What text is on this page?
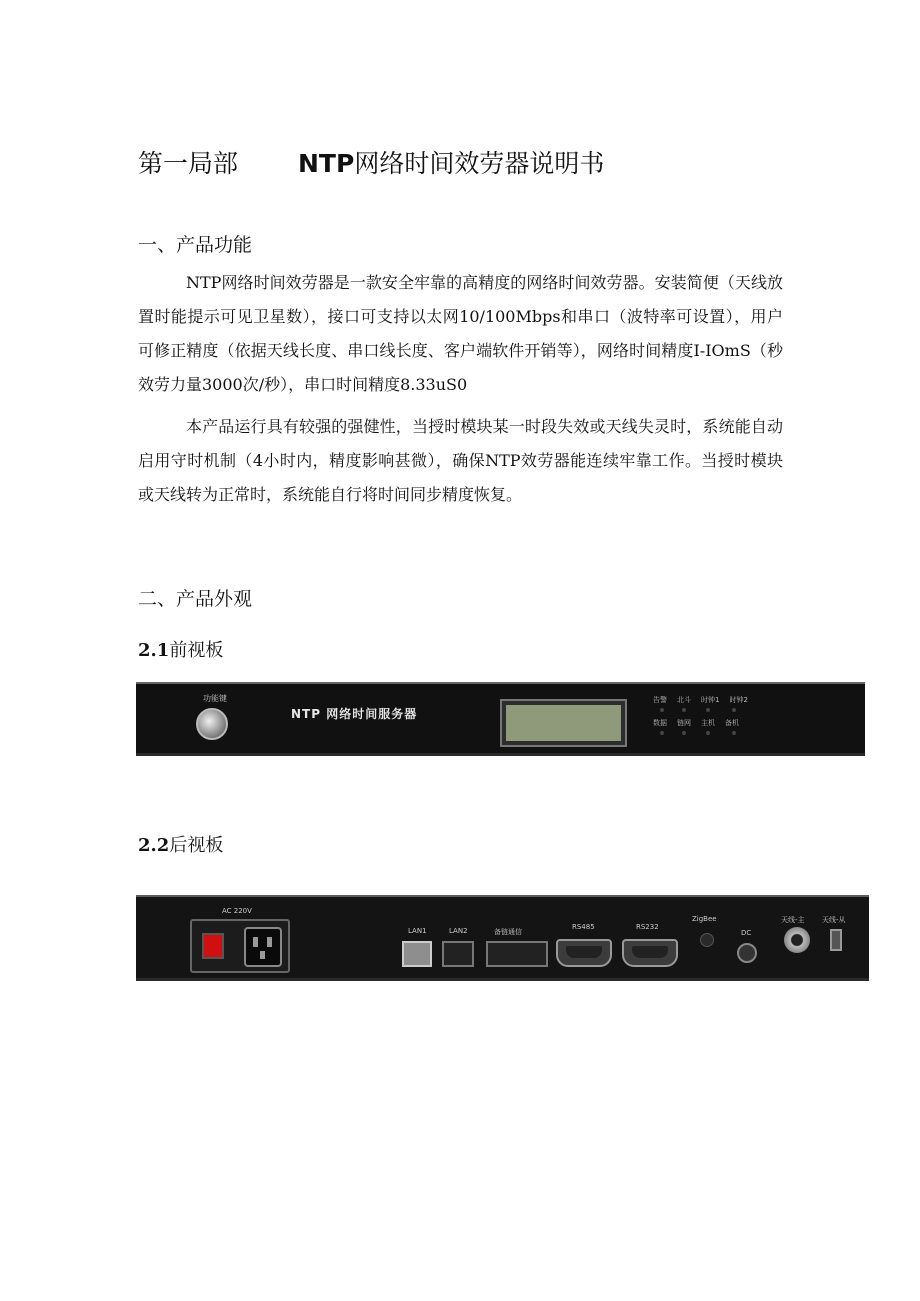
第一局部 NTP网络时间效劳器说明书
一、产品功能

NTP网络时间效劳器是一款安全牢靠的高精度的网络时间效劳器。安装简便（天线放置时能提示可见卫星数），接口可支持以太网10/100Mbps和串口（波特率可设置），用户可修正精度（依据天线长度、串口线长度、客户端软件开销等），网络时间精度I-IOmS（秒效劳力量3000次/秒），串口时间精度8.33uS0

本产品运行具有较强的强健性，当授时模块某一时段失效或天线失灵时，系统能自动启用守时机制（4小时内，精度影响甚微），确保NTP效劳器能连续牢靠工作。当授时模块或天线转为正常时，系统能自行将时间同步精度恢复。

二、产品外观
2.1前视板
功能键
NTP 网络时间服务器
告警 北斗 时钟1 时钟2
数据 链网 主机 备机
2.2后视板
AC 220V
LAN1	LAN2	备链通信
RS485	RS232
ZigBee
DC
天线-主 天线-从
